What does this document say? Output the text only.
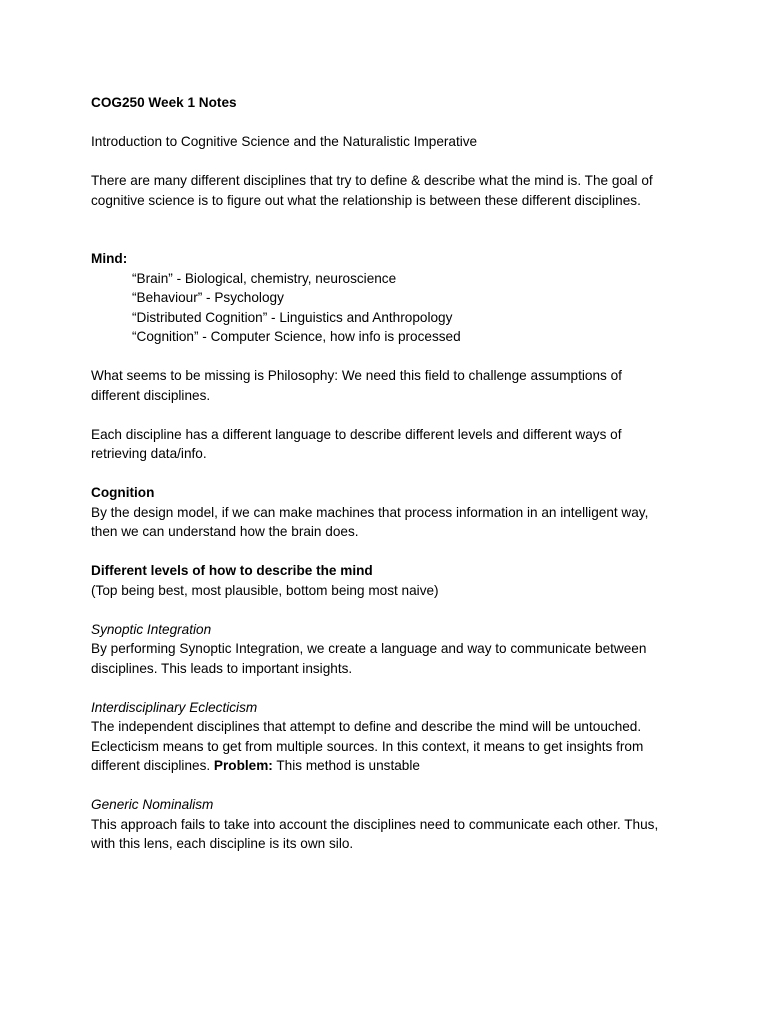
COG250 Week 1 Notes
Introduction to Cognitive Science and the Naturalistic Imperative
There are many different disciplines that try to define & describe what the mind is. The goal of
cognitive science is to figure out what the relationship is between these different disciplines.
Mind:
“Brain” - Biological, chemistry, neuroscience
“Behaviour” - Psychology
“Distributed Cognition” - Linguistics and Anthropology
“Cognition” - Computer Science, how info is processed
What seems to be missing is Philosophy: We need this field to challenge assumptions of
different disciplines.
Each discipline has a different language to describe different levels and different ways of
retrieving data/info.
Cognition
By the design model, if we can make machines that process information in an intelligent way,
then we can understand how the brain does.
Different levels of how to describe the mind
(Top being best, most plausible, bottom being most naive)
Synoptic Integration
By performing Synoptic Integration, we create a language and way to communicate between
disciplines. This leads to important insights.
Interdisciplinary Eclecticism
The independent disciplines that attempt to define and describe the mind will be untouched.
Eclecticism means to get from multiple sources. In this context, it means to get insights from
different disciplines. Problem: This method is unstable
Generic Nominalism
This approach fails to take into account the disciplines need to communicate each other. Thus,
with this lens, each discipline is its own silo.
